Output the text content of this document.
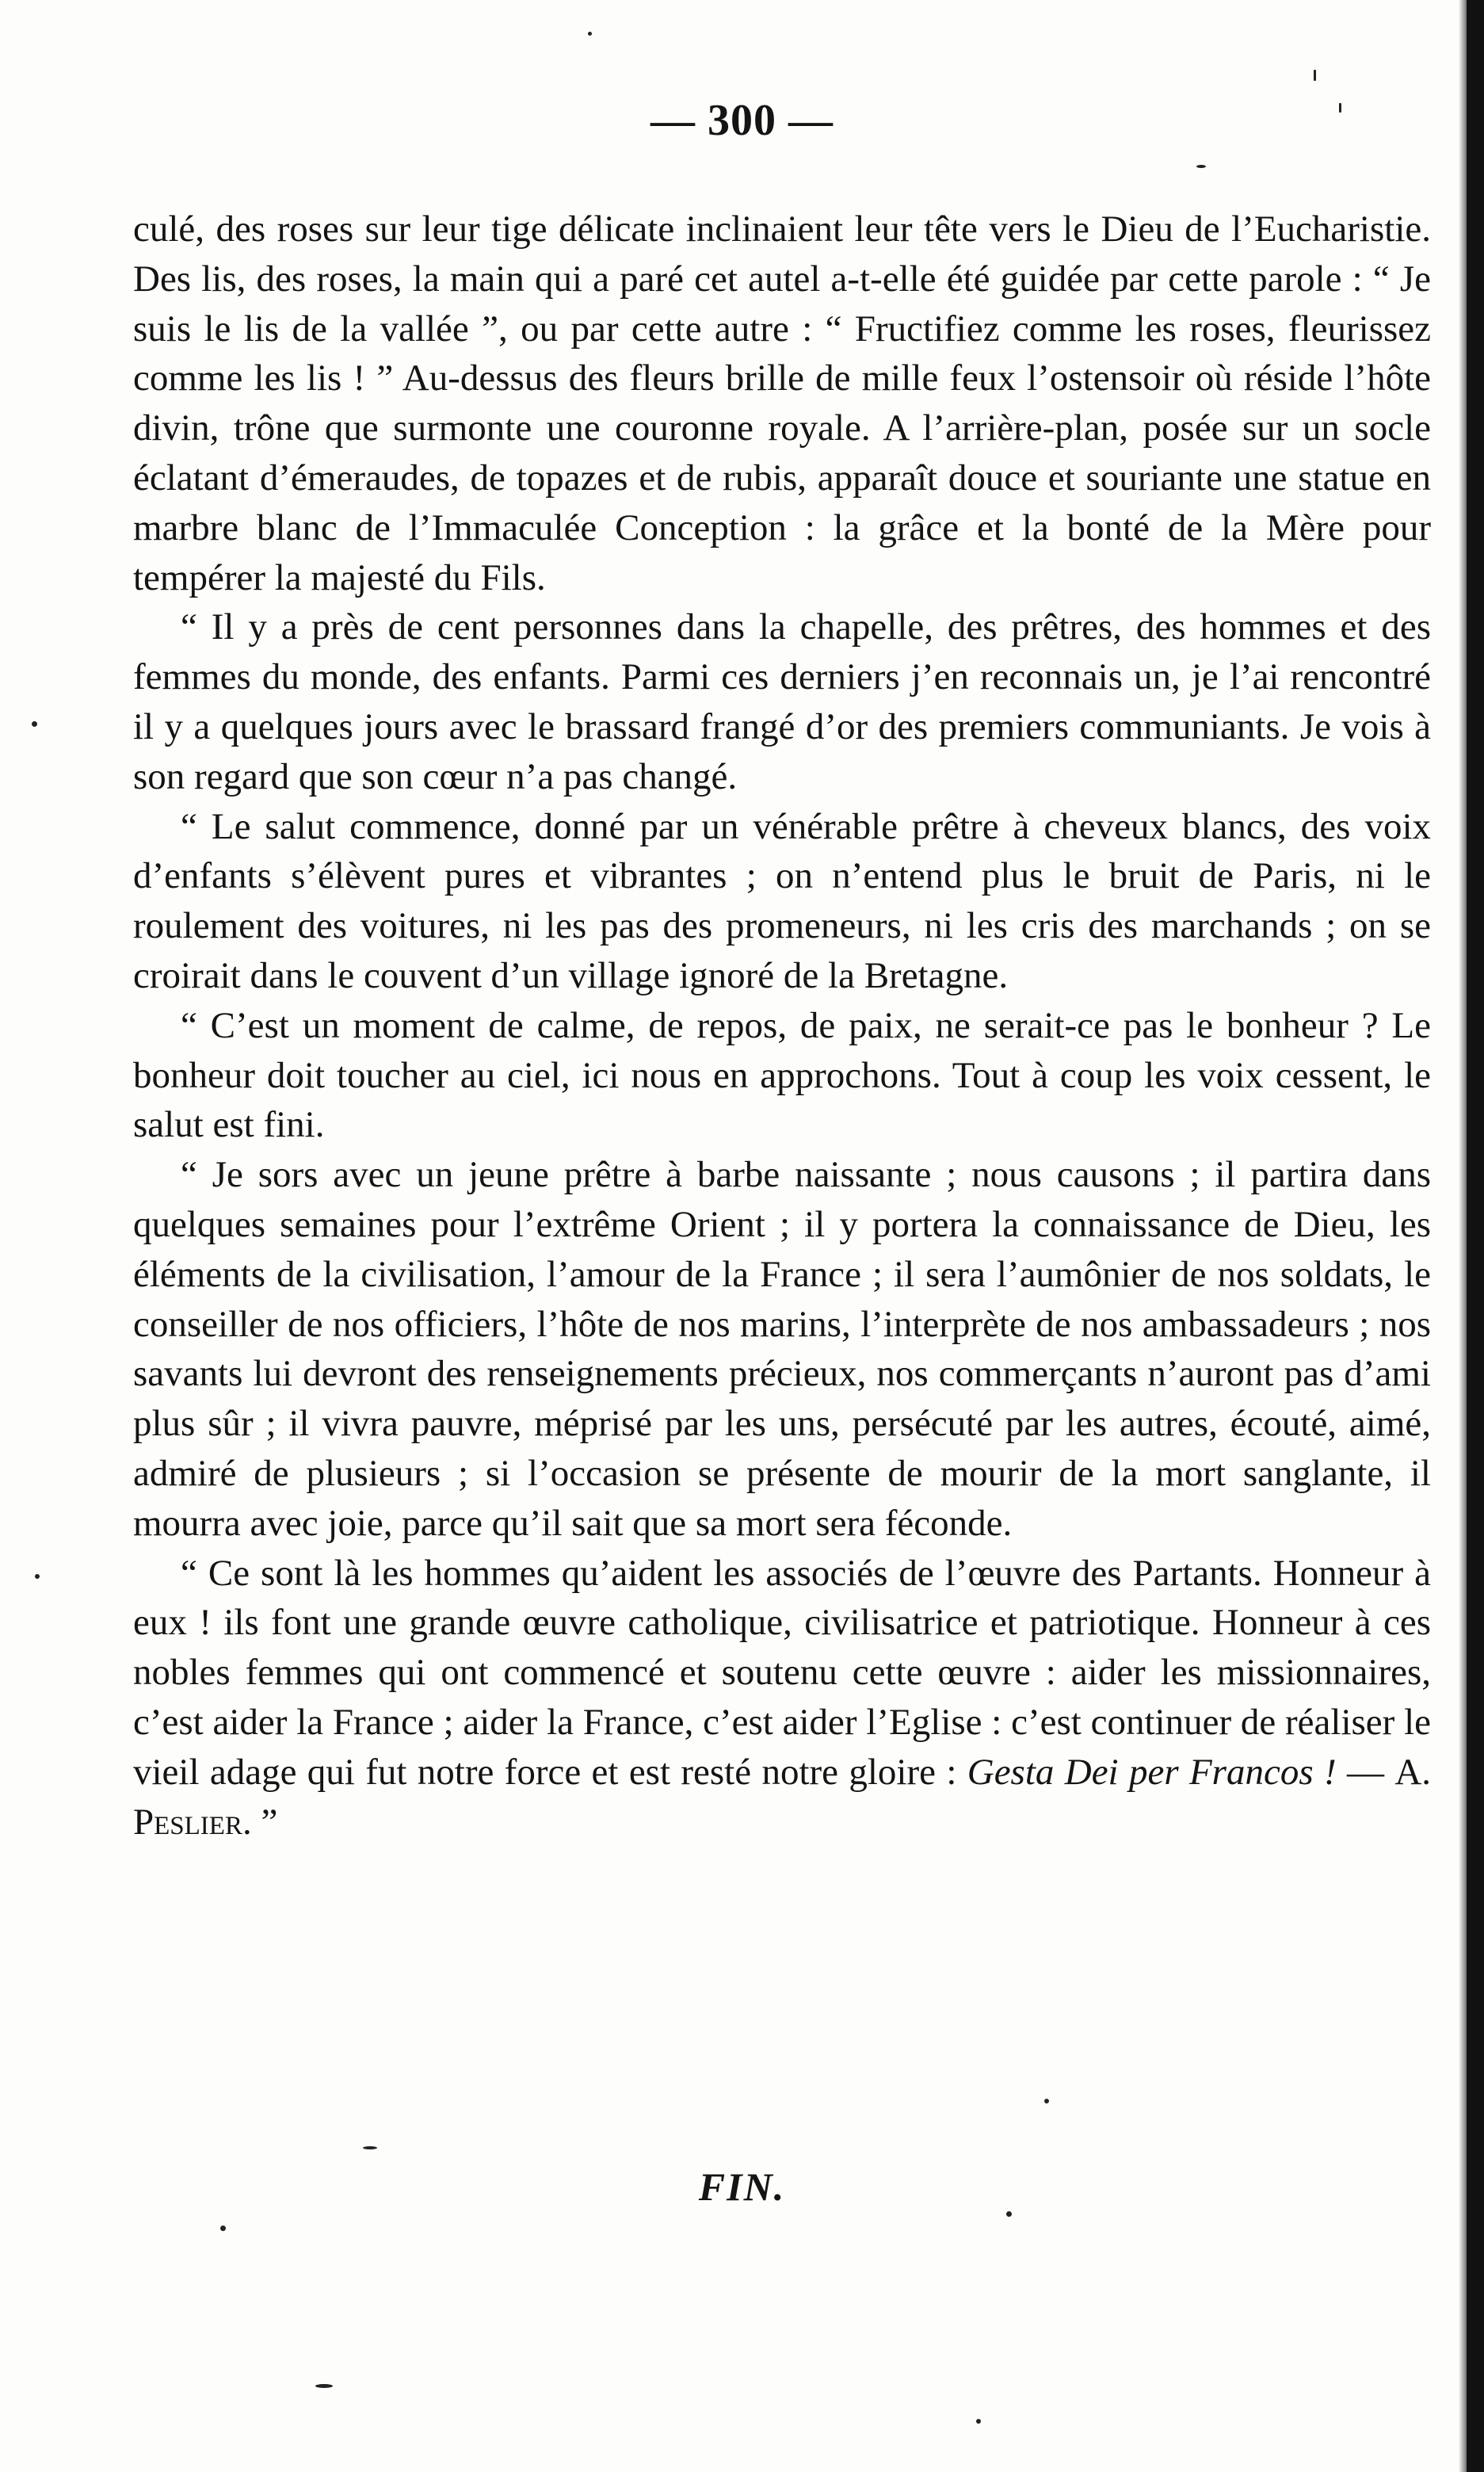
— 300 —

culé, des roses sur leur tige délicate inclinaient leur tête vers le Dieu de l’Eucharistie. Des lis, des roses, la main qui a paré cet autel a-t-elle été guidée par cette parole : “ Je suis le lis de la vallée ”, ou par cette autre : “ Fructifiez comme les roses, fleurissez comme les lis ! ” Au-dessus des fleurs brille de mille feux l’ostensoir où réside l’hôte divin, trône que surmonte une couronne royale. A l’arrière-plan, posée sur un socle éclatant d’émeraudes, de topazes et de rubis, apparaît douce et souriante une statue en marbre blanc de l’Immaculée Conception : la grâce et la bonté de la Mère pour tempérer la majesté du Fils.

“ Il y a près de cent personnes dans la chapelle, des prêtres, des hommes et des femmes du monde, des enfants. Parmi ces derniers j’en reconnais un, je l’ai rencontré il y a quelques jours avec le brassard frangé d’or des premiers communiants. Je vois à son regard que son cœur n’a pas changé.

“ Le salut commence, donné par un vénérable prêtre à cheveux blancs, des voix d’enfants s’élèvent pures et vibrantes ; on n’entend plus le bruit de Paris, ni le roulement des voitures, ni les pas des promeneurs, ni les cris des marchands ; on se croirait dans le couvent d’un village ignoré de la Bretagne.

“ C’est un moment de calme, de repos, de paix, ne serait-ce pas le bonheur ? Le bonheur doit toucher au ciel, ici nous en approchons. Tout à coup les voix cessent, le salut est fini.

“ Je sors avec un jeune prêtre à barbe naissante ; nous causons ; il partira dans quelques semaines pour l’extrême Orient ; il y portera la connaissance de Dieu, les éléments de la civilisation, l’amour de la France ; il sera l’aumônier de nos soldats, le conseiller de nos officiers, l’hôte de nos marins, l’interprète de nos ambassadeurs ; nos savants lui devront des renseignements précieux, nos commerçants n’auront pas d’ami plus sûr ; il vivra pauvre, méprisé par les uns, persécuté par les autres, écouté, aimé, admiré de plusieurs ; si l’occasion se présente de mourir de la mort sanglante, il mourra avec joie, parce qu’il sait que sa mort sera féconde.

“ Ce sont là les hommes qu’aident les associés de l’œuvre des Partants. Honneur à eux ! ils font une grande œuvre catholique, civilisatrice et patriotique. Honneur à ces nobles femmes qui ont commencé et soutenu cette œuvre : aider les missionnaires, c’est aider la France ; aider la France, c’est aider l’Eglise : c’est continuer de réaliser le vieil adage qui fut notre force et est resté notre gloire : Gesta Dei per Francos ! — A. Peslier. ”

FIN.
